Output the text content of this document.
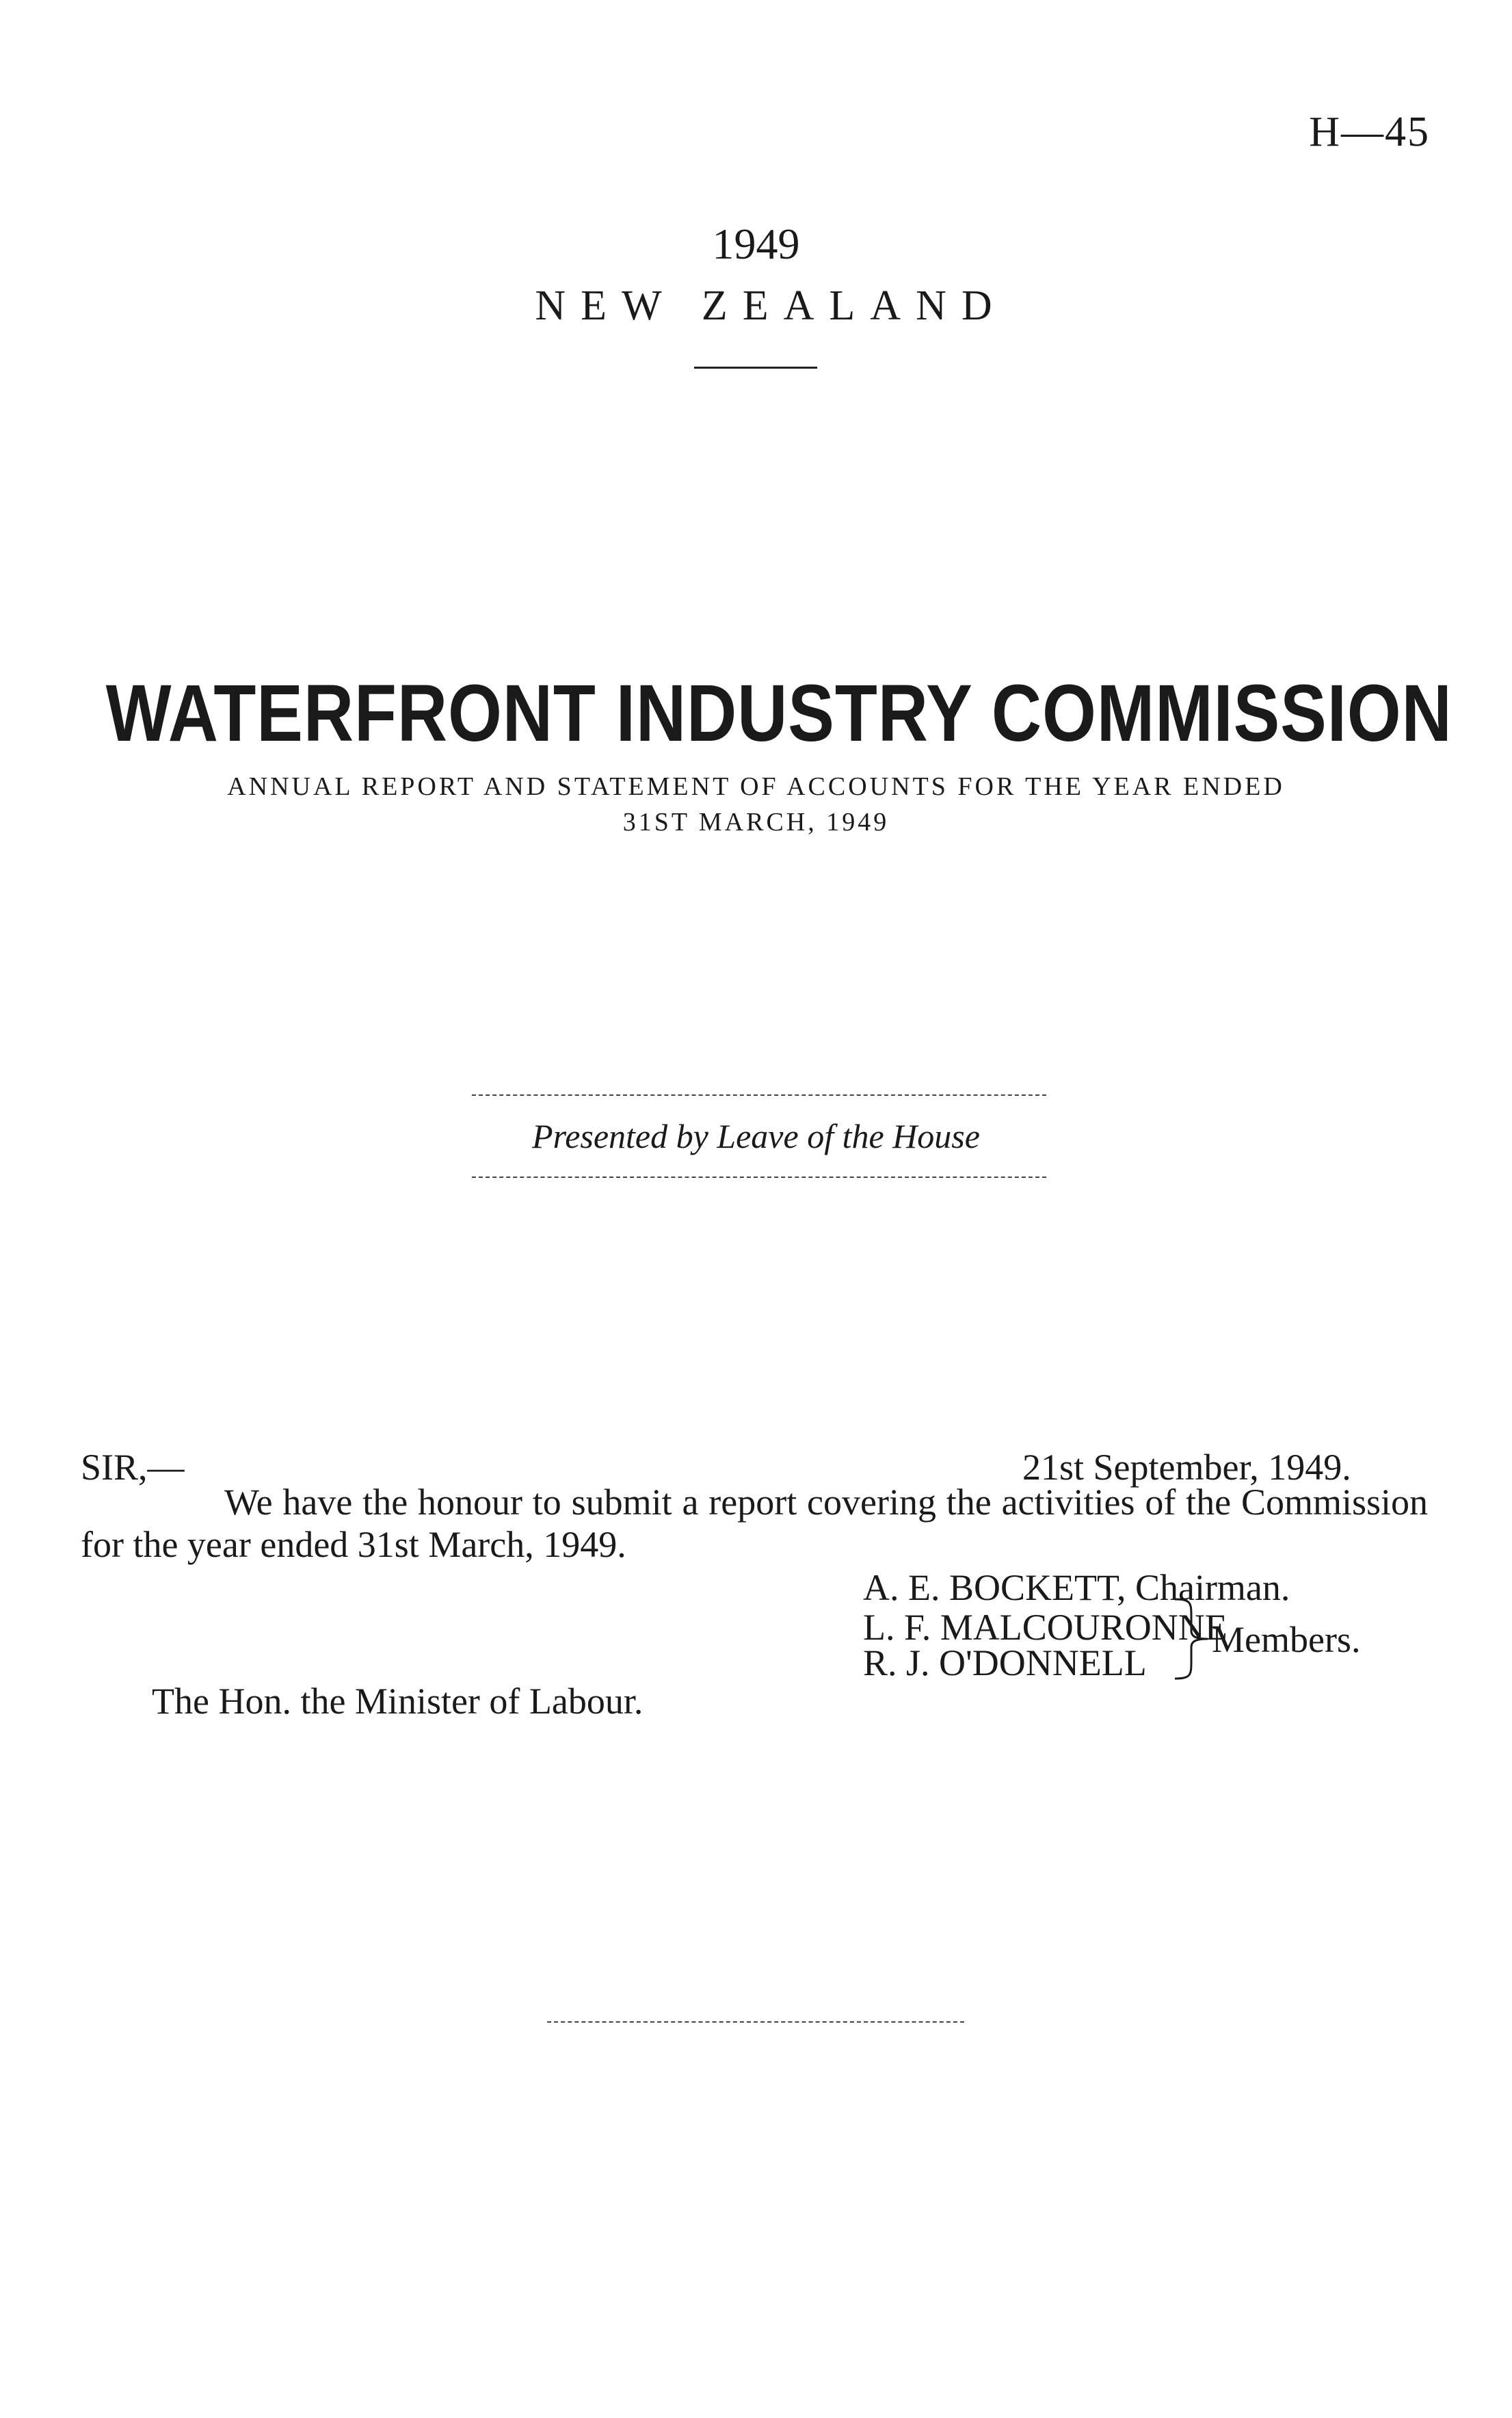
H—45
1949
NEW ZEALAND
WATERFRONT INDUSTRY COMMISSION
ANNUAL REPORT AND STATEMENT OF ACCOUNTS FOR THE YEAR ENDED
31ST MARCH, 1949
Presented by Leave of the House
SIR,—	21st September, 1949.
We have the honour to submit a report covering the activities of the Commission for the year ended 31st March, 1949.
A. E. BOCKETT, Chairman.
L. F. MALCOURONNE
R. J. O'DONNELL
Members.
The Hon. the Minister of Labour.
